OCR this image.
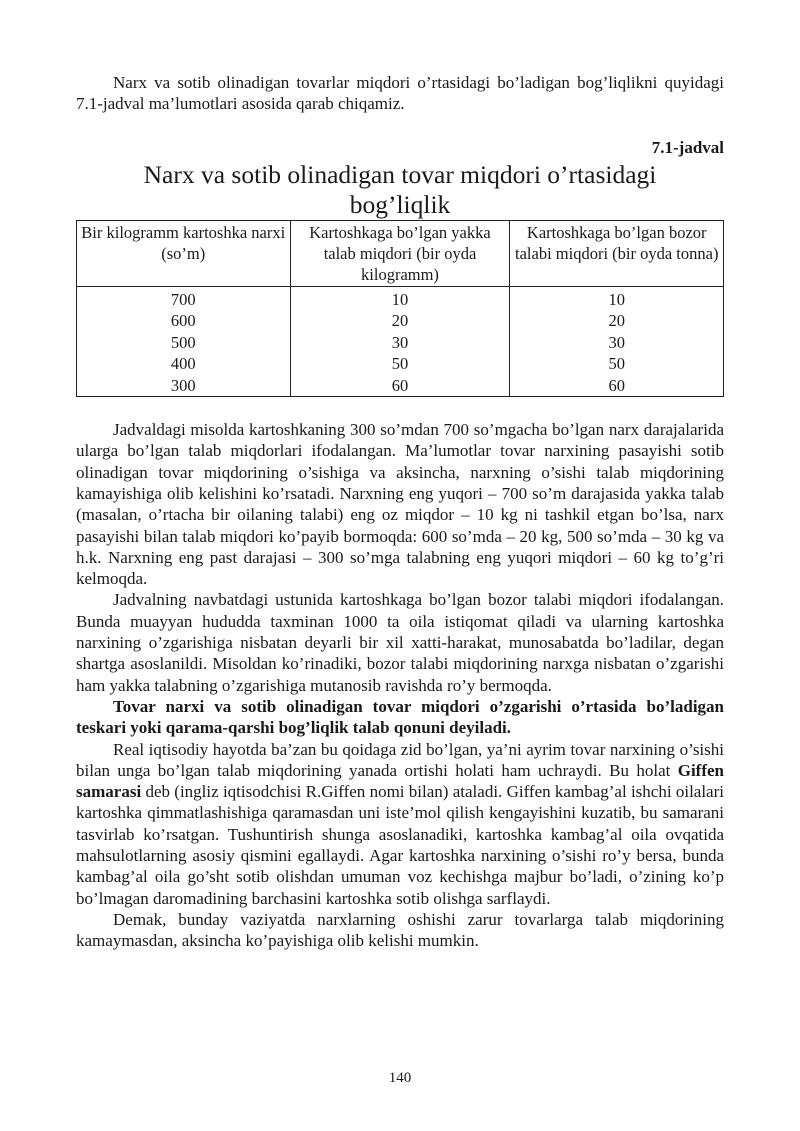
Narx va sotib olinadigan tovarlar miqdori o’rtasidagi bo’ladigan bog’liqlikni quyidagi 7.1-jadval ma’lumotlari asosida qarab chiqamiz.

7.1-jadval
Narx va sotib olinadigan tovar miqdori o’rtasidagi bog’liqlik
Bir kilogramm kartoshka narxi (so’m)	Kartoshkaga bo’lgan yakka talab miqdori (bir oyda kilogramm)	Kartoshkaga bo’lgan bozor talabi miqdori (bir oyda tonna)
700	10	10
600	20	20
500	30	30
400	50	50
300	60	60

Jadvaldagi misolda kartoshkaning 300 so’mdan 700 so’mgacha bo’lgan narx darajalarida ularga bo’lgan talab miqdorlari ifodalangan. Ma’lumotlar tovar narxining pasayishi sotib olinadigan tovar miqdorining o’sishiga va aksincha, narxning o’sishi talab miqdorining kamayishiga olib kelishini ko’rsatadi. Narxning eng yuqori – 700 so’m darajasida yakka talab (masalan, o’rtacha bir oilaning talabi) eng oz miqdor – 10 kg ni tashkil etgan bo’lsa, narx pasayishi bilan talab miqdori ko’payib bormoqda: 600 so’mda – 20 kg, 500 so’mda – 30 kg va h.k. Narxning eng past darajasi – 300 so’mga talabning eng yuqori miqdori – 60 kg to’g’ri kelmoqda.

Jadvalning navbatdagi ustunida kartoshkaga bo’lgan bozor talabi miqdori ifodalangan. Bunda muayyan hududda taxminan 1000 ta oila istiqomat qiladi va ularning kartoshka narxining o’zgarishiga nisbatan deyarli bir xil xatti-harakat, munosabatda bo’ladilar, degan shartga asoslanildi. Misoldan ko’rinadiki, bozor talabi miqdorining narxga nisbatan o’zgarishi ham yakka talabning o’zgarishiga mutanosib ravishda ro’y bermoqda.

Tovar narxi va sotib olinadigan tovar miqdori o’zgarishi o’rtasida bo’ladigan teskari yoki qarama-qarshi bog’liqlik talab qonuni deyiladi.

Real iqtisodiy hayotda ba’zan bu qoidaga zid bo’lgan, ya’ni ayrim tovar narxining o’sishi bilan unga bo’lgan talab miqdorining yanada ortishi holati ham uchraydi. Bu holat Giffen samarasi deb (ingliz iqtisodchisi R.Giffen nomi bilan) ataladi. Giffen kambag’al ishchi oilalari kartoshka qimmatlashishiga qaramasdan uni iste’mol qilish kengayishini kuzatib, bu samarani tasvirlab ko’rsatgan. Tushuntirish shunga asoslanadiki, kartoshka kambag’al oila ovqatida mahsulotlarning asosiy qismini egallaydi. Agar kartoshka narxining o’sishi ro’y bersa, bunda kambag’al oila go’sht sotib olishdan umuman voz kechishga majbur bo’ladi, o’zining ko’p bo’lmagan daromadining barchasini kartoshka sotib olishga sarflaydi.

Demak, bunday vaziyatda narxlarning oshishi zarur tovarlarga talab miqdorining kamaymasdan, aksincha ko’payishiga olib kelishi mumkin.

140
